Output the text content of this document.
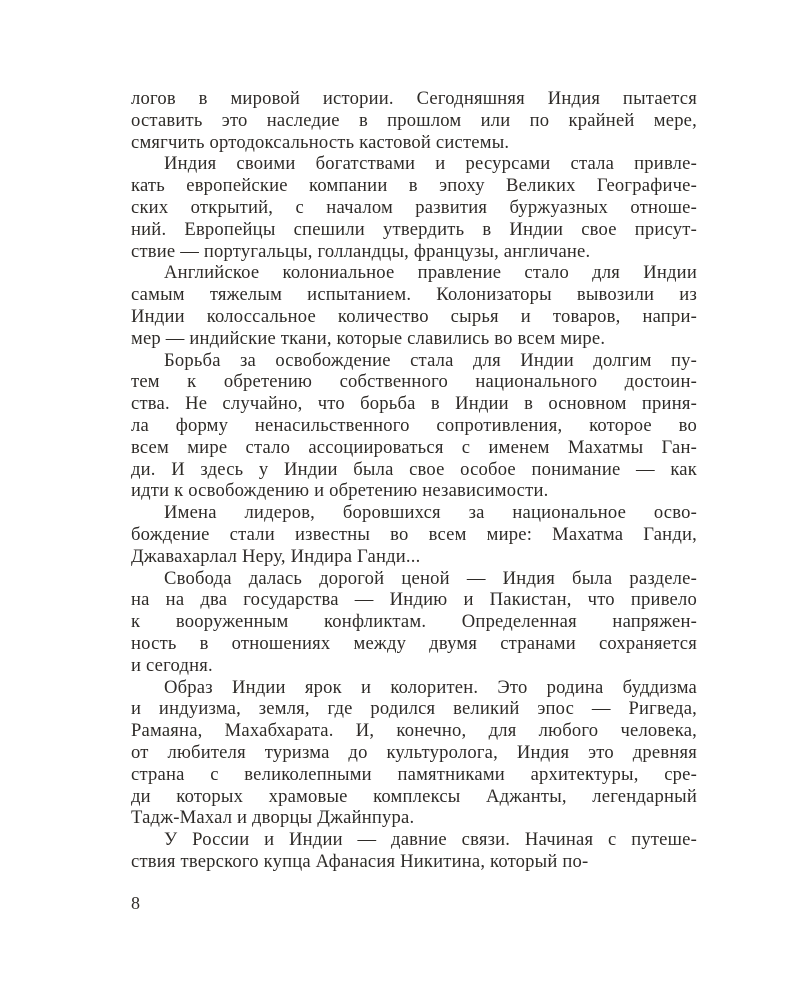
логов в мировой истории. Сегодняшняя Индия пытается
оставить это наследие в прошлом или по крайней мере,
смягчить ортодоксальность кастовой системы.
Индия своими богатствами и ресурсами стала привле-
кать европейские компании в эпоху Великих Географиче-
ских открытий, с началом развития буржуазных отноше-
ний. Европейцы спешили утвердить в Индии свое присут-
ствие — португальцы, голландцы, французы, англичане.
Английское колониальное правление стало для Индии
самым тяжелым испытанием. Колонизаторы вывозили из
Индии колоссальное количество сырья и товаров, напри-
мер — индийские ткани, которые славились во всем мире.
Борьба за освобождение стала для Индии долгим пу-
тем к обретению собственного национального достоин-
ства. Не случайно, что борьба в Индии в основном приня-
ла форму ненасильственного сопротивления, которое во
всем мире стало ассоциироваться с именем Махатмы Ган-
ди. И здесь у Индии была свое особое понимание — как
идти к освобождению и обретению независимости.
Имена лидеров, боровшихся за национальное осво-
бождение стали известны во всем мире: Махатма Ганди,
Джавахарлал Неру, Индира Ганди...
Свобода далась дорогой ценой — Индия была разделе-
на на два государства — Индию и Пакистан, что привело
к вооруженным конфликтам. Определенная напряжен-
ность в отношениях между двумя странами сохраняется
и сегодня.
Образ Индии ярок и колоритен. Это родина буддизма
и индуизма, земля, где родился великий эпос — Ригведа,
Рамаяна, Махабхарата. И, конечно, для любого человека,
от любителя туризма до культуролога, Индия это древняя
страна с великолепными памятниками архитектуры, сре-
ди которых храмовые комплексы Аджанты, легендарный
Тадж-Махал и дворцы Джайнпура.
У России и Индии — давние связи. Начиная с путеше-
ствия тверского купца Афанасия Никитина, который по-
8
